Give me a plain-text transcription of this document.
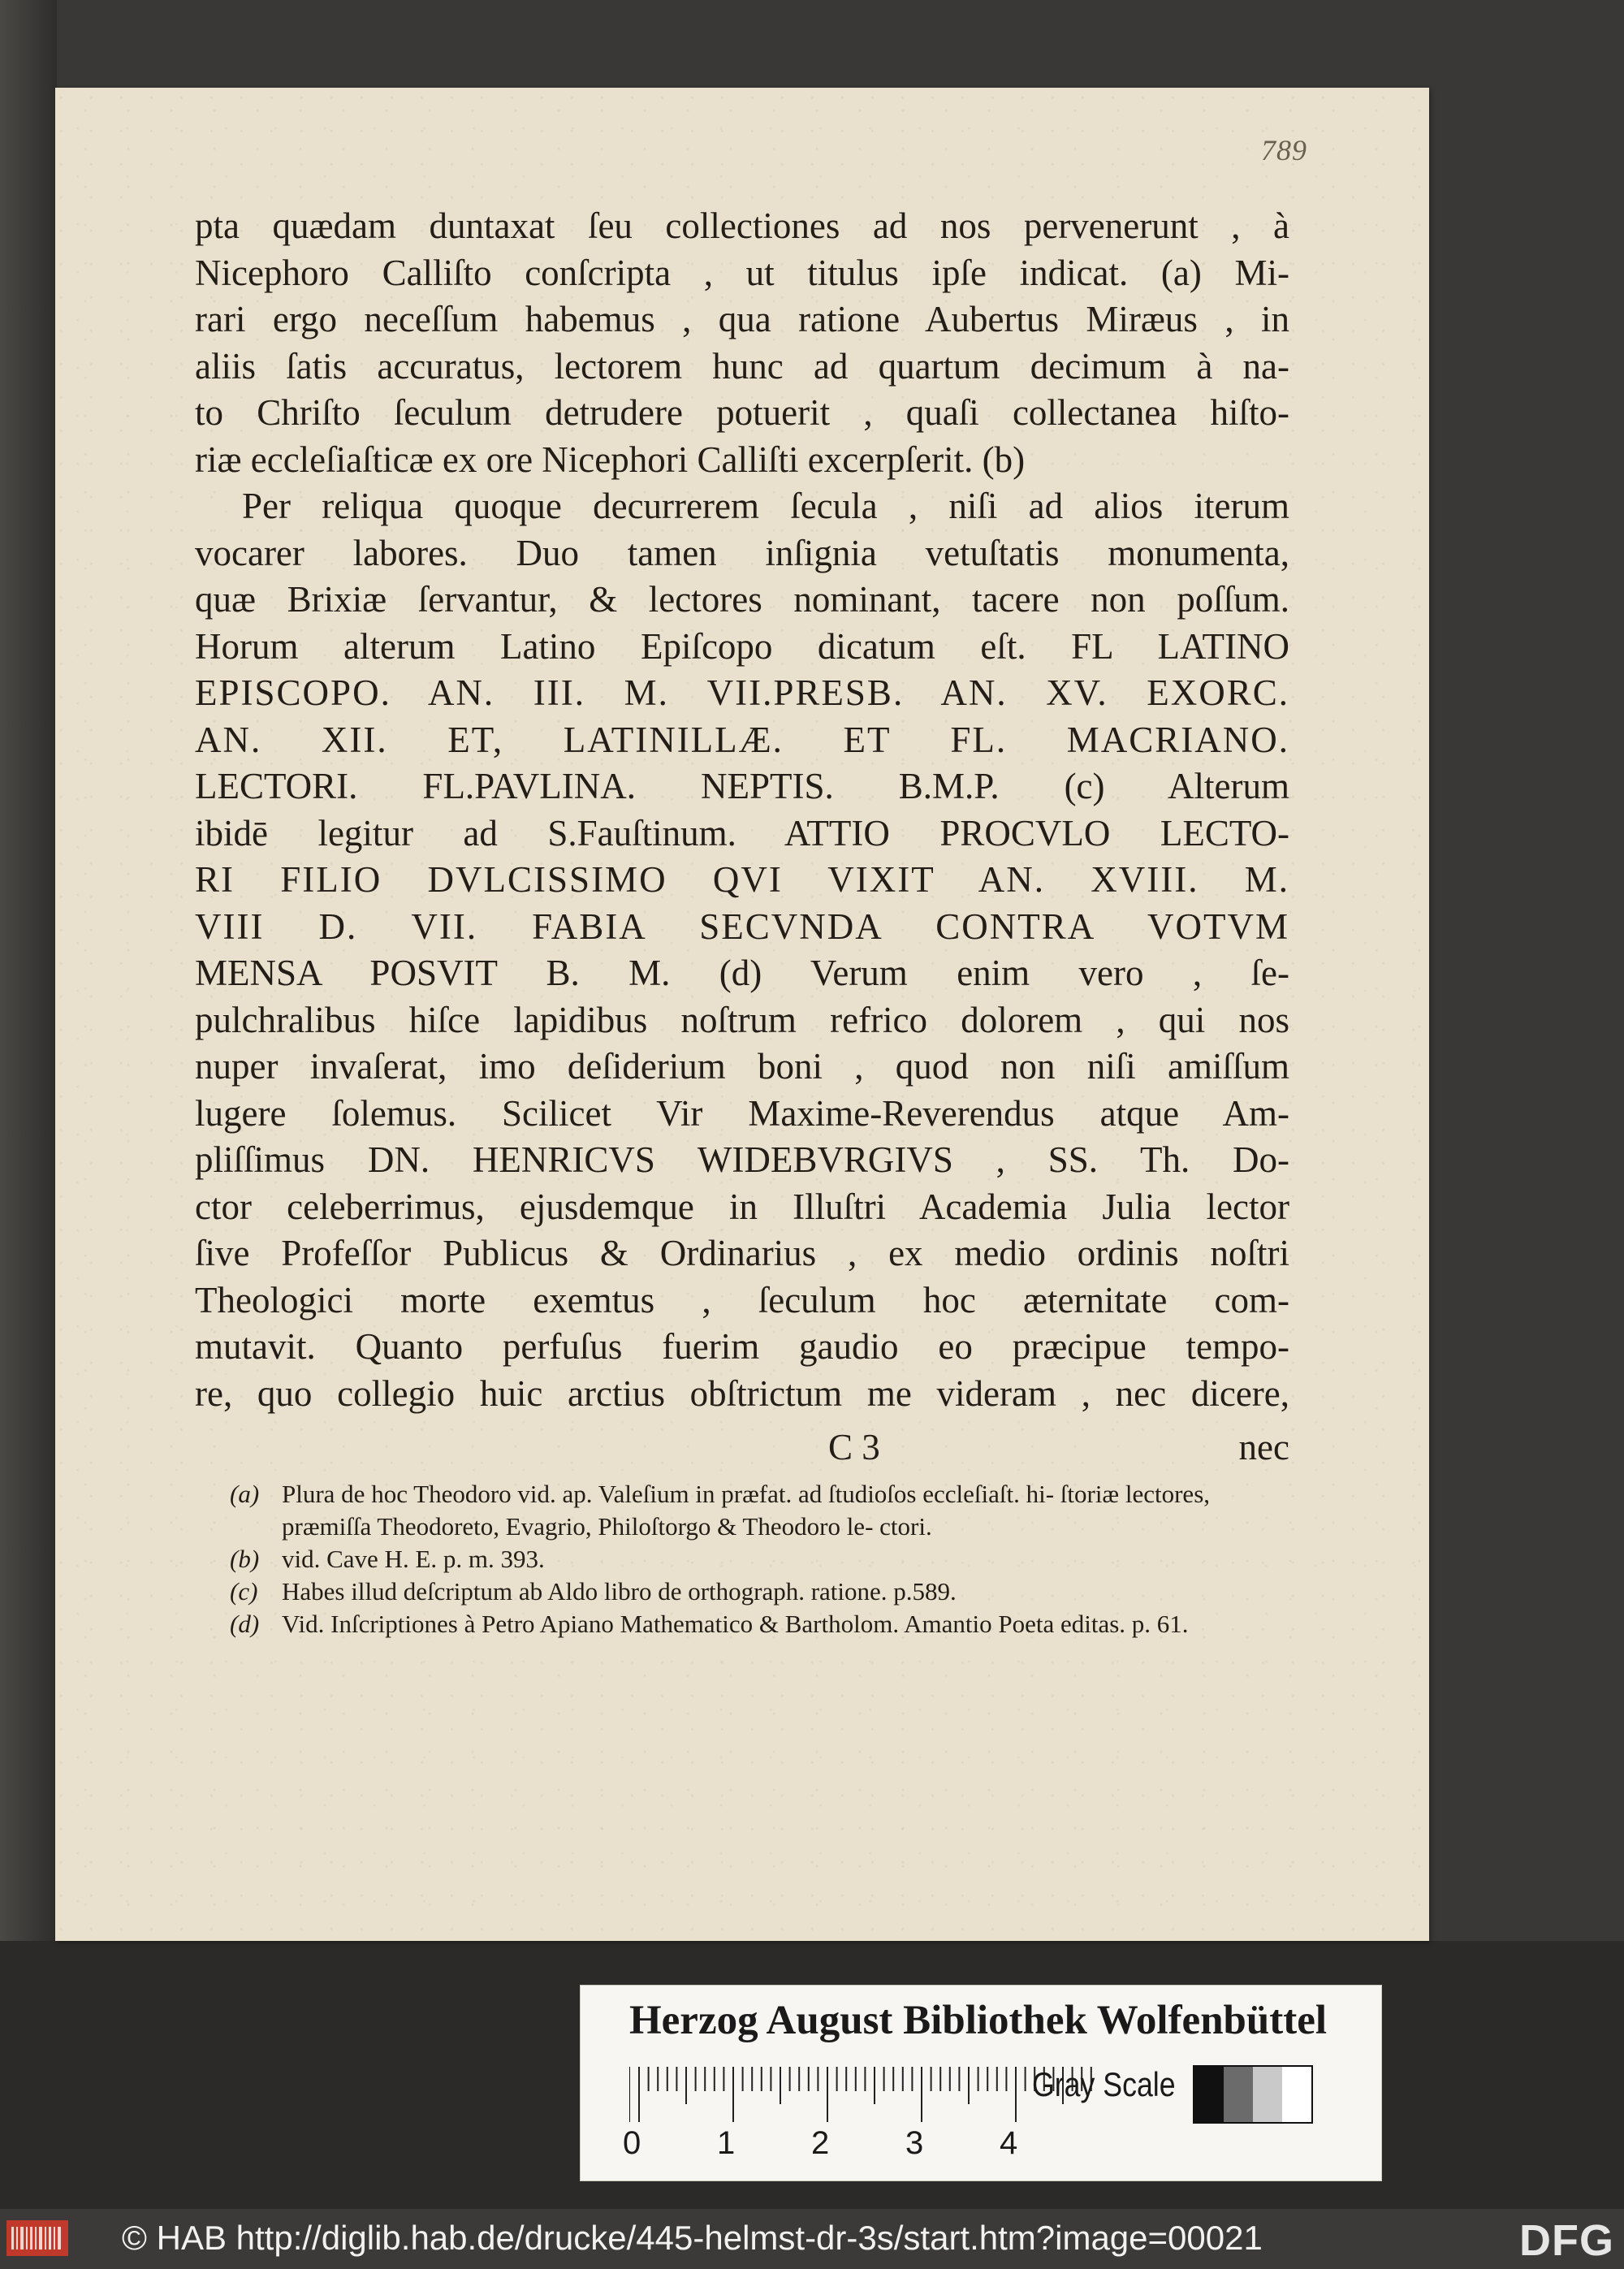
789
pta quædam duntaxat ſeu collectiones ad nos pervenerunt , à
Nicephoro Calliſto conſcripta , ut titulus ipſe indicat. (a) Mi-
rari ergo neceſſum habemus , qua ratione Aubertus Miræus , in
aliis ſatis accuratus, lectorem hunc ad quartum decimum à na-
to Chriſto ſeculum detrudere potuerit , quaſi collectanea hiſto-
riæ eccleſiaſticæ ex ore Nicephori Calliſti excerpſerit. (b)
Per reliqua quoque decurrerem ſecula , niſi ad alios iterum
vocarer labores. Duo tamen inſignia vetuſtatis monumenta,
quæ Brixiæ ſervantur, & lectores nominant, tacere non poſſum.
Horum alterum Latino Epiſcopo dicatum eſt. FL LATINO
EPISCOPO. AN. III. M. VII.PRESB. AN. XV. EXORC.
AN. XII. ET, LATINILLÆ. ET FL. MACRIANO.
LECTORI. FL.PAVLINA. NEPTIS. B.M.P. (c) Alterum
ibidē legitur ad S.Fauſtinum. ATTIO PROCVLO LECTO-
RI FILIO DVLCISSIMO QVI VIXIT AN. XVIII. M.
VIII D. VII. FABIA SECVNDA CONTRA VOTVM
MENSA POSVIT B. M. (d) Verum enim vero , ſe-
pulchralibus hiſce lapidibus noſtrum refrico dolorem , qui nos
nuper invaſerat, imo deſiderium boni , quod non niſi amiſſum
lugere ſolemus. Scilicet Vir Maxime-Reverendus atque Am-
pliſſimus DN. HENRICVS WIDEBVRGIVS , SS. Th. Do-
ctor celeberrimus, ejusdemque in Illuſtri Academia Julia lector
ſive Profeſſor Publicus & Ordinarius , ex medio ordinis noſtri
Theologici morte exemtus , ſeculum hoc æternitate com-
mutavit. Quanto perfuſus fuerim gaudio eo præcipue tempo-
re, quo collegio huic arctius obſtrictum me videram , nec dicere,
C 3	nec
(a) Plura de hoc Theodoro vid. ap. Valeſium in præfat. ad ſtudioſos eccleſiaſt. hi- ſtoriæ lectores, præmiſſa Theodoreto, Evagrio, Philoſtorgo & Theodoro le- ctori.
(b) vid. Cave H. E. p. m. 393.
(c) Habes illud deſcriptum ab Aldo libro de orthograph. ratione. p.589.
(d) Vid. Inſcriptiones à Petro Apiano Mathematico & Bartholom. Amantio Poeta editas. p. 61.
Herzog August Bibliothek Wolfenbüttel
0 1 2 3 4
Gray Scale
© HAB http://diglib.hab.de/drucke/445-helmst-dr-3s/start.htm?image=00021	DFG
